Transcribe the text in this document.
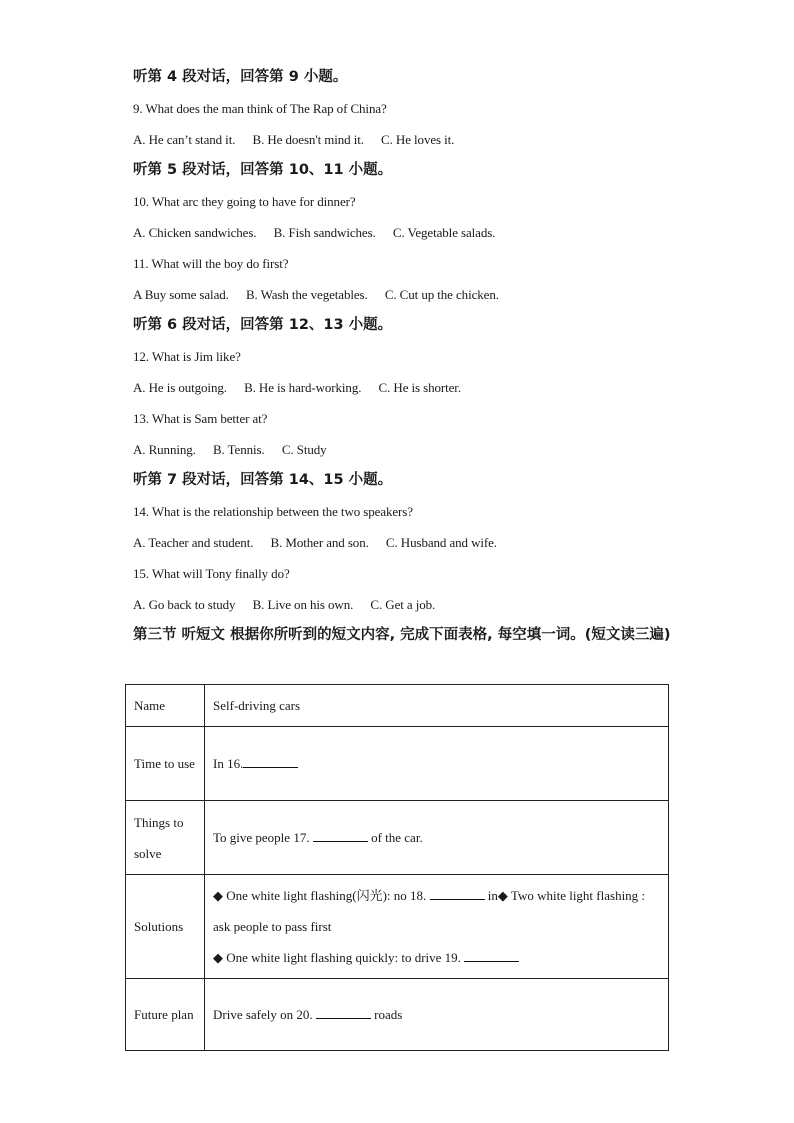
听第 4 段对话，回答第 9 小题。
9. What does the man think of The Rap of China?
A. He can’t stand it. B. He doesn't mind it. C. He loves it.
听第 5 段对话，回答第 10、11 小题。
10. What arc they going to have for dinner?
A. Chicken sandwiches. B. Fish sandwiches. C. Vegetable salads.
11. What will the boy do first?
A Buy some salad. B. Wash the vegetables. C. Cut up the chicken.
听第 6 段对话，回答第 12、13 小题。
12. What is Jim like?
A. He is outgoing. B. He is hard-working. C. He is shorter.
13. What is Sam better at?
A. Running. B. Tennis. C. Study
听第 7 段对话，回答第 14、15 小题。
14. What is the relationship between the two speakers?
A. Teacher and student. B. Mother and son. C. Husband and wife.
15. What will Tony finally do?
A. Go back to study B. Live on his own. C. Get a job.
第三节 听短文 根据你所听到的短文内容, 完成下面表格, 每空填一词。(短文读三遍)
Name	Self-driving cars
Time to use	In 16.
Things to solve	To give people 17. of the car.
Solutions	◆ One white light flashing(闪光): no 18. in◆ Two white light flashing : ask people to pass first
◆ One white light flashing quickly: to drive 19.
Future plan	Drive safely on 20. roads
